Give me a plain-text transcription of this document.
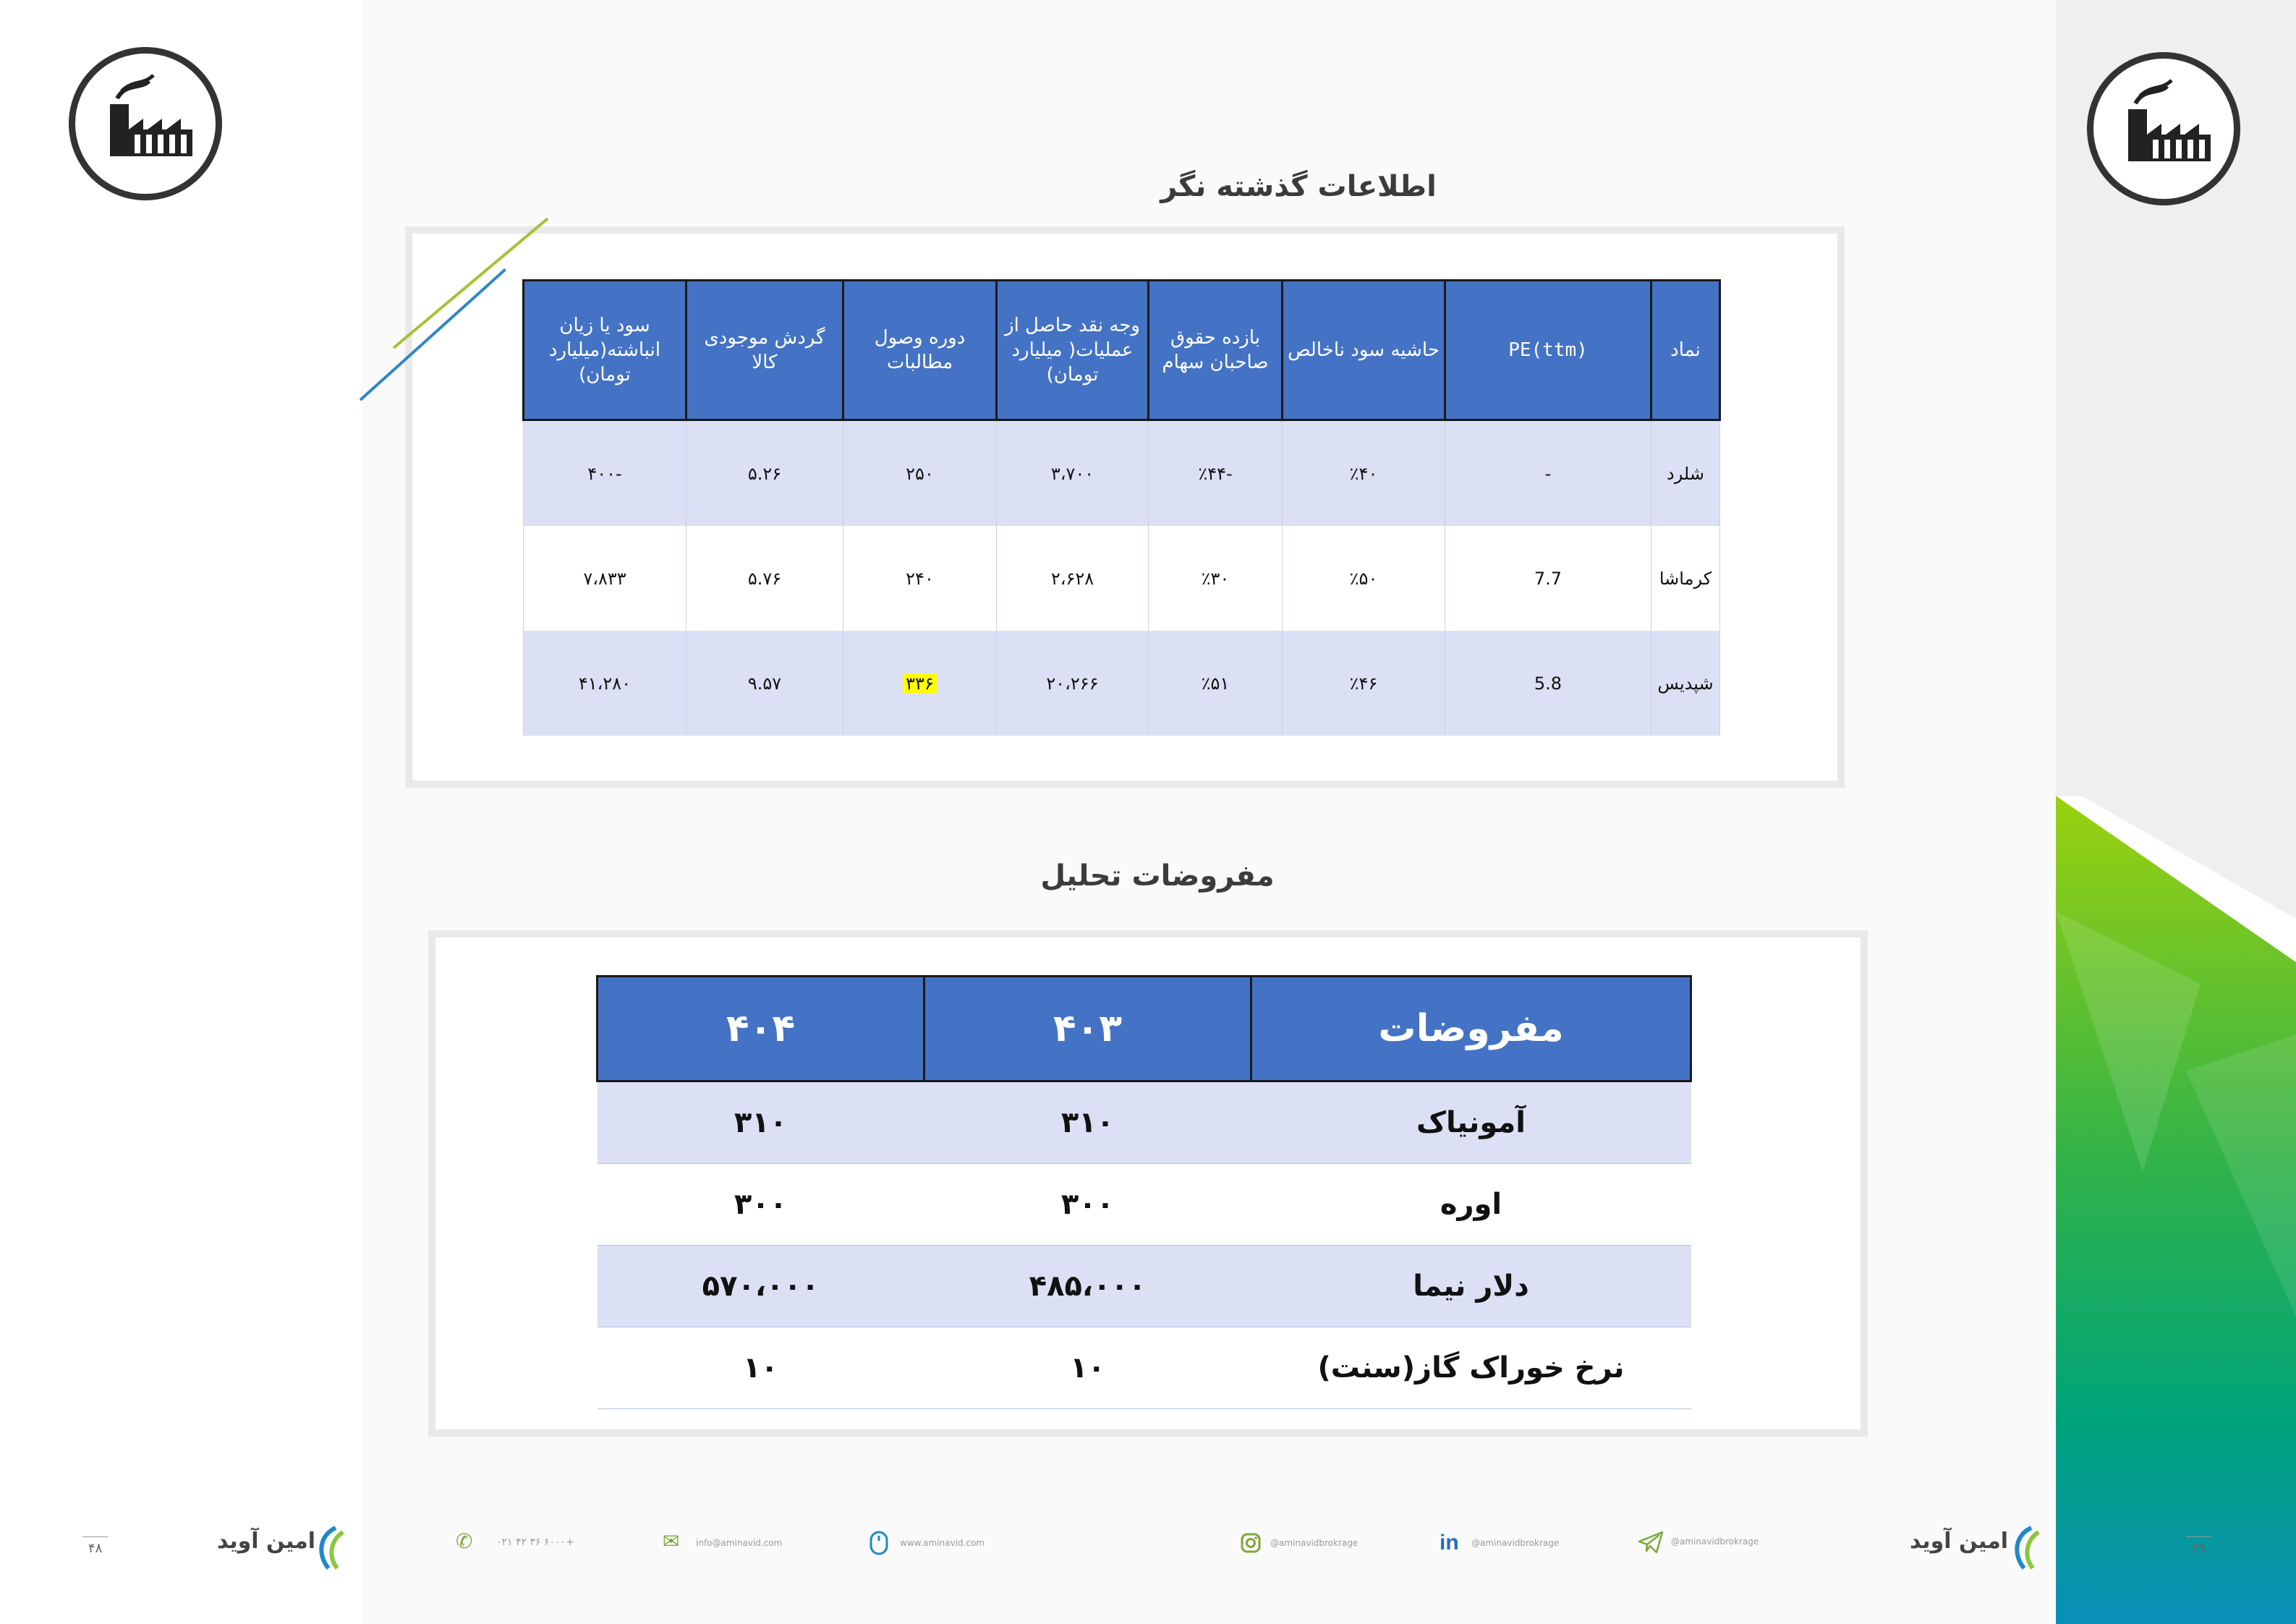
اطلاعات گذشته نگر
نماد	PE(ttm)	حاشیه سود ناخالص	بازده حقوق صاحبان سهام	وجه نقد حاصل از عملیات( میلیارد تومان)	دوره وصول مطالبات	گردش موجودی کالا	سود یا زیان انباشته(میلیارد تومان)
شلرد	-	٪۴۰	-٪۴۴	۳،۷۰۰	۲۵۰	۵.۲۶	-۴۰۰
کرماشا	7.7	٪۵۰	٪۳۰	۲،۶۲۸	۲۴۰	۵.۷۶	۷،۸۳۳
شپدیس	5.8	٪۴۶	٪۵۱	۲۰،۲۶۶	۳۳۶	۹.۵۷	۴۱،۲۸۰
مفروضات تحلیل
مفروضات	۴۰۳	۴۰۴
آمونیاک	۳۱۰	۳۱۰
اوره	۳۰۰	۳۰۰
دلار نیما	۴۸۵،۰۰۰	۵۷۰،۰۰۰
نرخ خوراک گاز(سنت)	۱۰	۱۰
۴۸	امین آوید	✆ ۰۲۱ ۴۲ ۳۶ ۶۰۰۰+	✉ info@aminavid.com	www.aminavid.com	@aminavidbrokrage	in @aminavidbrokrage	@aminavidbrokrage	امین آوید	۴۹
